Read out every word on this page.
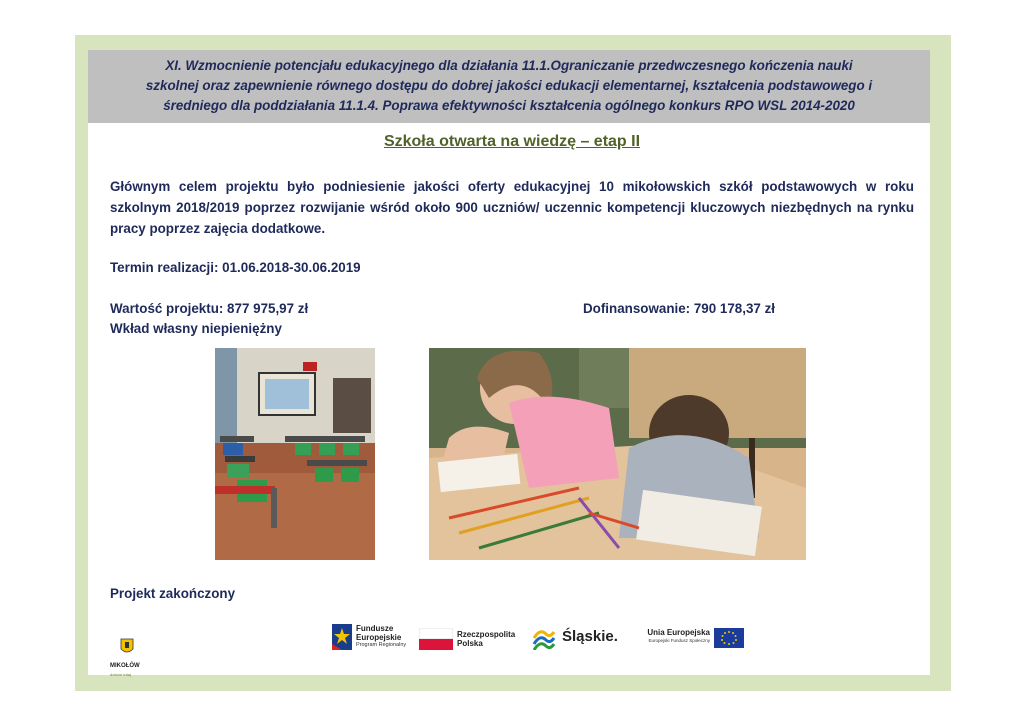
XI. Wzmocnienie potencjału edukacyjnego dla działania 11.1.Ograniczanie przedwczesnego kończenia nauki
szkolnej oraz zapewnienie równego dostępu do dobrej jakości edukacji elementarnej, kształcenia podstawowego i
średniego dla poddziałania 11.1.4. Poprawa efektywności kształcenia ogólnego konkurs RPO WSL 2014-2020
Szkoła otwarta na wiedzę – etap II
Głównym celem projektu było podniesienie jakości oferty edukacyjnej 10 mikołowskich szkół podstawowych w roku szkolnym 2018/2019 poprzez rozwijanie wśród około 900 uczniów/ uczennic kompetencji kluczowych niezbędnych na rynku pracy poprzez zajęcia dodatkowe.
Termin realizacji: 01.06.2018-30.06.2019
Wartość projektu: 877 975,97 zł	Dofinansowanie: 790 178,37 zł
Wkład własny niepieniężny
Projekt zakończony
MIKOŁÓW
dobrze tutaj
Fundusze
Europejskie
Program Regionalny
Rzeczpospolita
Polska	Śląskie.	Unia Europejska
Europejski Fundusz Społeczny
